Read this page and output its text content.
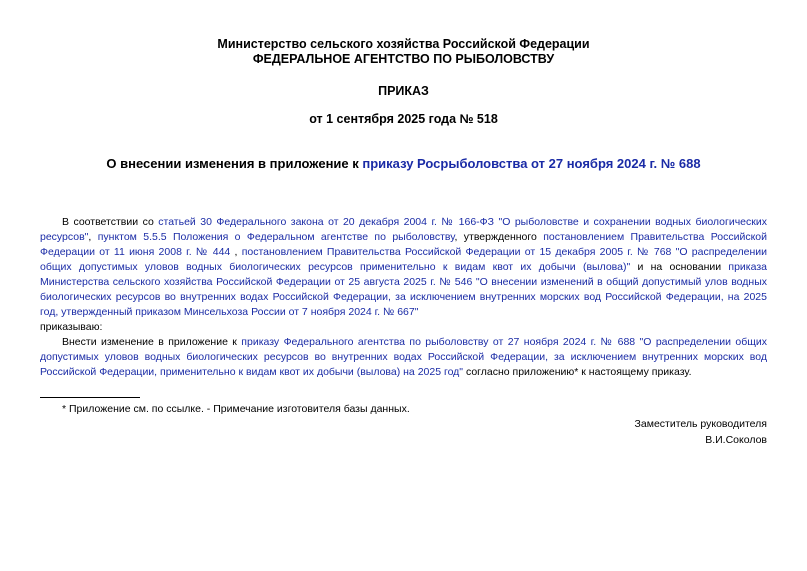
Министерство сельского хозяйства Российской Федерации
ФЕДЕРАЛЬНОЕ АГЕНТСТВО ПО РЫБОЛОВСТВУ
ПРИКАЗ
от 1 сентября 2025 года № 518
О внесении изменения в приложение к приказу Росрыболовства от 27 ноября 2024 г. № 688

В соответствии со статьей 30 Федерального закона от 20 декабря 2004 г. № 166-ФЗ "О рыболовстве и сохранении водных биологических ресурсов", пунктом 5.5.5 Положения о Федеральном агентстве по рыболовству, утвержденного постановлением Правительства Российской Федерации от 11 июня 2008 г. № 444 , постановлением Правительства Российской Федерации от 15 декабря 2005 г. № 768 "О распределении общих допустимых уловов водных биологических ресурсов применительно к видам квот их добычи (вылова)" и на основании приказа Министерства сельского хозяйства Российской Федерации от 25 августа 2025 г. № 546 "О внесении изменений в общий допустимый улов водных биологических ресурсов во внутренних водах Российской Федерации, за исключением внутренних морских вод Российской Федерации, на 2025 год, утвержденный приказом Минсельхоза России от 7 ноября 2024 г. № 667"

приказываю:

Внести изменение в приложение к приказу Федерального агентства по рыболовству от 27 ноября 2024 г. № 688 "О распределении общих допустимых уловов водных биологических ресурсов во внутренних водах Российской Федерации, за исключением внутренних морских вод Российской Федерации, применительно к видам квот их добычи (вылова) на 2025 год" согласно приложению* к настоящему приказу.

* Приложение см. по ссылке. - Примечание изготовителя базы данных.
Заместитель руководителя
В.И.Соколов
